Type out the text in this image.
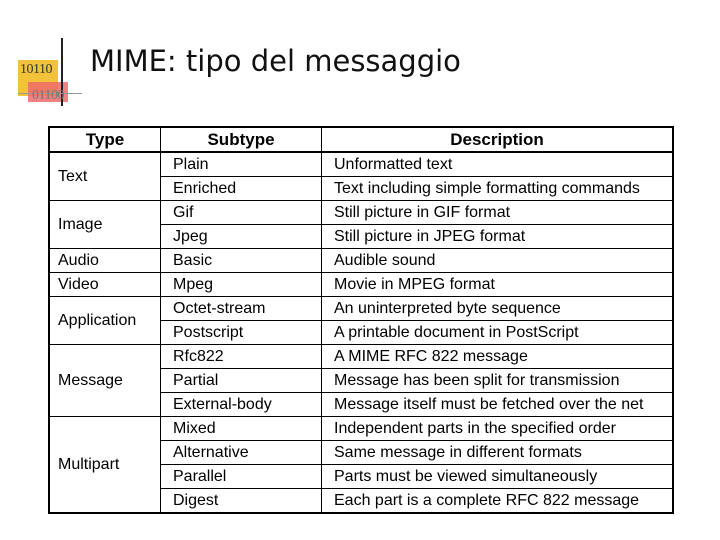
10110
01100
MIME: tipo del messaggio
Type	Subtype	Description
Text	Plain	Unformatted text
	Enriched	Text including simple formatting commands
Image	Gif	Still picture in GIF format
	Jpeg	Still picture in JPEG format
Audio	Basic	Audible sound
Video	Mpeg	Movie in MPEG format
Application	Octet-stream	An uninterpreted byte sequence
	Postscript	A printable document in PostScript
Message	Rfc822	A MIME RFC 822 message
	Partial	Message has been split for transmission
	External-body	Message itself must be fetched over the net
Multipart	Mixed	Independent parts in the specified order
	Alternative	Same message in different formats
	Parallel	Parts must be viewed simultaneously
	Digest	Each part is a complete RFC 822 message
